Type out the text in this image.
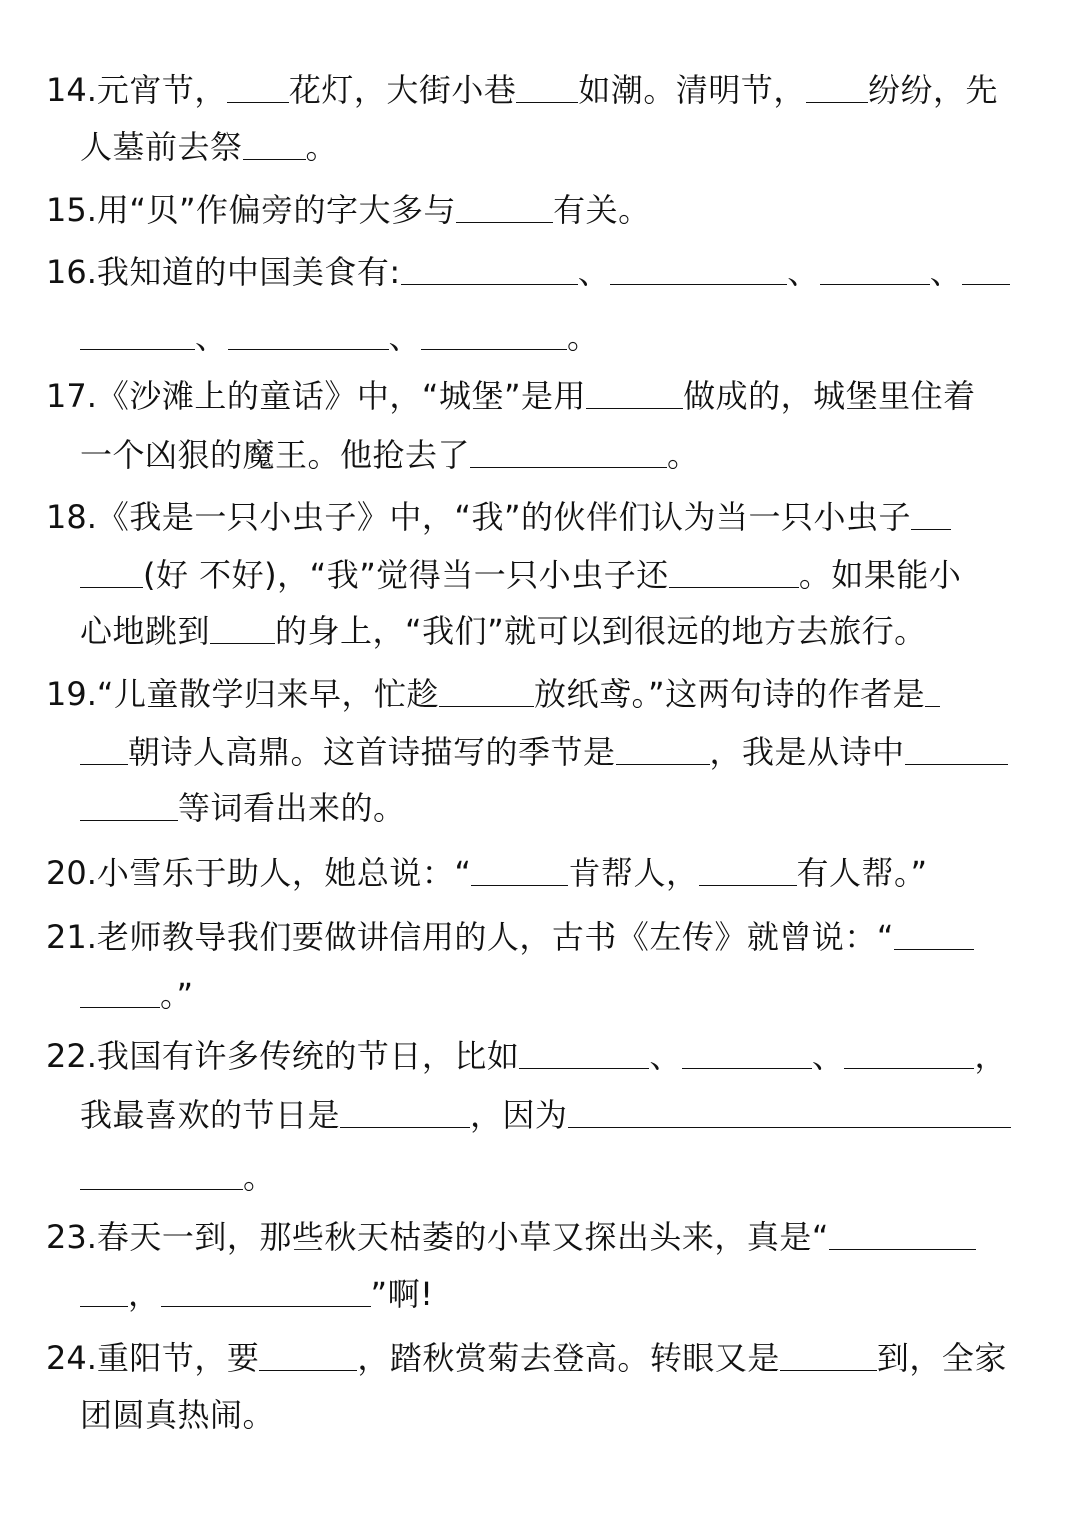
14. 元宵节， 花灯，大街小巷 如潮。清明节， 纷纷，先
人墓前去祭 。
15. 用“贝”作偏旁的字大多与	有关。
16. 我知道的中国美食有:	、	、	、
、	、	。
17. 《沙滩上的童话》中，“城堡”是用	做成的，城堡里住着
一个凶狠的魔王。他抢去了	。
18. 《我是一只小虫子》中，“我”的伙伴们认为当一只小虫子
(好 不好)，“我”觉得当一只小虫子还	。如果能小
心地跳到 的身上，“我们”就可以到很远的地方去旅行。
19. “儿童散学归来早，忙趁	放纸鸢。”这两句诗的作者是
朝诗人高鼎。这首诗描写的季节是	，我是从诗中
等词看出来的。
20. 小雪乐于助人，她总说：“	肯帮人，	有人帮。”
21. 老师教导我们要做讲信用的人，古书《左传》就曾说：“
。”
22. 我国有许多传统的节日，比如	、	、	，
我最喜欢的节日是	，因为
。
23. 春天一到，那些秋天枯萎的小草又探出头来，真是“
，	”啊!
24. 重阳节，要	，踏秋赏菊去登高。转眼又是	到，全家
团圆真热闹。
